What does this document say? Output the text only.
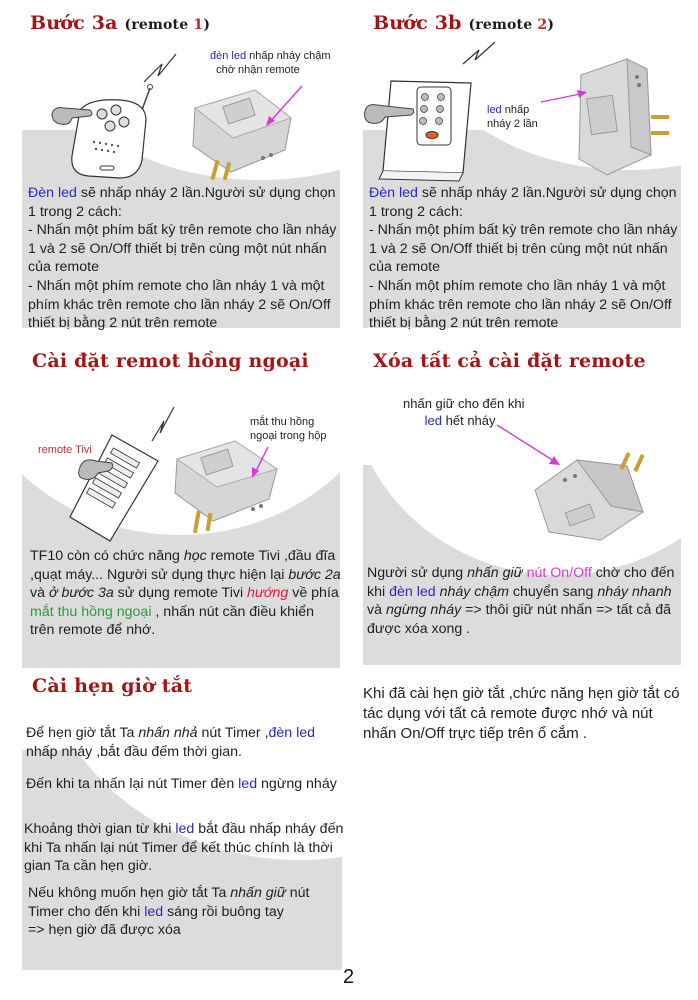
Bước 3a (remote 1)
đèn led nhấp nháy chậm
chờ nhận remote

Đèn led sẽ nhấp nháy 2 lần.Người sử dụng chọn 1 trong 2 cách:

- Nhấn một phím bất kỳ trên remote cho lần nháy 1 và 2 sẽ On/Off thiết bị trên cùng một nút nhấn của remote

- Nhấn một phím remote cho lần nháy 1 và một phím khác trên remote cho lần nháy 2 sẽ On/Off thiết bị bằng 2 nút trên remote

Bước 3b (remote 2)
led nhấp
nháy 2 lần

Đèn led sẽ nhấp nháy 2 lần.Người sử dụng chọn 1 trong 2 cách:

- Nhấn một phím bất kỳ trên remote cho lần nháy 1 và 2 sẽ On/Off thiết bị trên cùng một nút nhấn của remote

- Nhấn một phím remote cho lần nháy 1 và một phím khác trên remote cho lần nháy 2 sẽ On/Off thiết bị bằng 2 nút trên remote

Cài đặt remot hồng ngoại
remote Tivi
mắt thu hồng
ngoại trong hộp
TF10 còn có chức năng học remote Tivi ,đầu đĩa ,quạt máy... Người sử dụng thực hiện lại bước 2a và ở bước 3a sử dụng remote Tivi hướng về phía mắt thu hồng ngoại , nhấn nút cần điều khiển trên remote để nhớ.
Xóa tất cả cài đặt remote
nhấn giữ cho đến khi
led hết nháy
Người sử dụng nhấn giữ nút On/Off chờ cho đến khi đèn led nháy chậm chuyển sang nháy nhanh và ngừng nháy => thôi giữ nút nhấn => tất cả đã được xóa xong .
Cài hẹn giờ tắt
Để hẹn giờ tắt Ta nhấn nhả nút Timer ,đèn led nhấp nháy ,bắt đầu đếm thời gian.
Đến khi ta nhấn lại nút Timer đèn led ngừng nháy
Khoảng thời gian từ khi led bắt đầu nhấp nháy đến khi Ta nhấn lại nút Timer để kết thúc chính là thời gian Ta cần hẹn giờ.
Nếu không muốn hẹn giờ tắt Ta nhấn giữ nút Timer cho đến khi led sáng rồi buông tay
=> hẹn giờ đã được xóa
Khi đã cài hẹn giờ tắt ,chức năng hẹn giờ tắt có tác dụng với tất cả remote được nhớ và nút nhấn On/Off trực tiếp trên ổ cắm .
2
